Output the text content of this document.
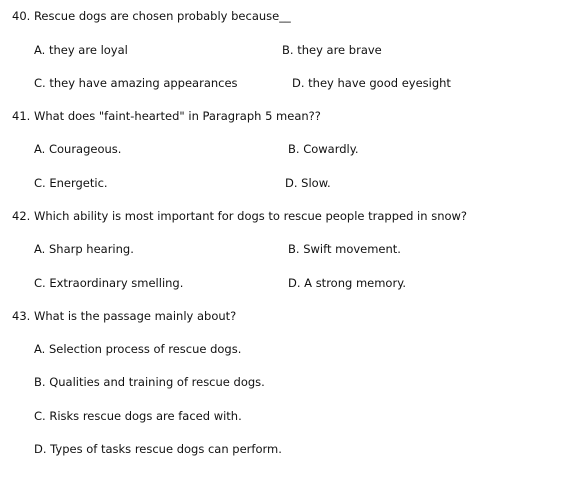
40. Rescue dogs are chosen probably because__
A. they are loyal	B. they are brave
C. they have amazing appearances	D. they have good eyesight
41. What does "faint-hearted" in Paragraph 5 mean??
A. Courageous.	B. Cowardly.
C. Energetic.	D. Slow.
42. Which ability is most important for dogs to rescue people trapped in snow?
A. Sharp hearing.	B. Swift movement.
C. Extraordinary smelling.	D. A strong memory.
43. What is the passage mainly about?
A. Selection process of rescue dogs.
B. Qualities and training of rescue dogs.
C. Risks rescue dogs are faced with.
D. Types of tasks rescue dogs can perform.
